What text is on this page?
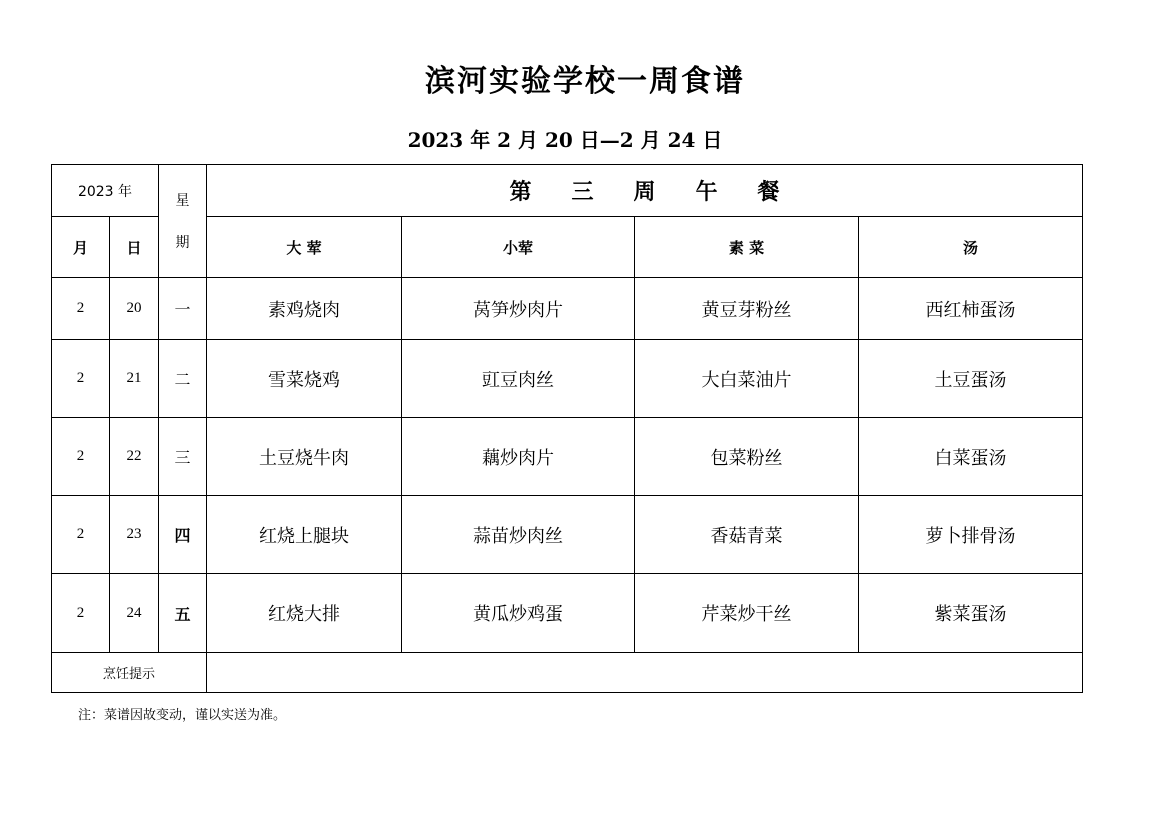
滨河实验学校一周食谱
2023 年 2 月 20 日—2 月 24 日
2023 年		星
期	第三周午餐			
月	日		大 荤	小荤	素 菜	汤
2	20	一	素鸡烧肉	莴笋炒肉片	黄豆芽粉丝	西红柿蛋汤
2	21	二	雪菜烧鸡	豇豆肉丝	大白菜油片	土豆蛋汤
2	22	三	土豆烧牛肉	藕炒肉片	包菜粉丝	白菜蛋汤
2	23	四	红烧上腿块	蒜苗炒肉丝	香菇青菜	萝卜排骨汤
2	24	五	红烧大排	黄瓜炒鸡蛋	芹菜炒干丝	紫菜蛋汤
烹饪提示						
注：菜谱因故变动，谨以实送为准。
